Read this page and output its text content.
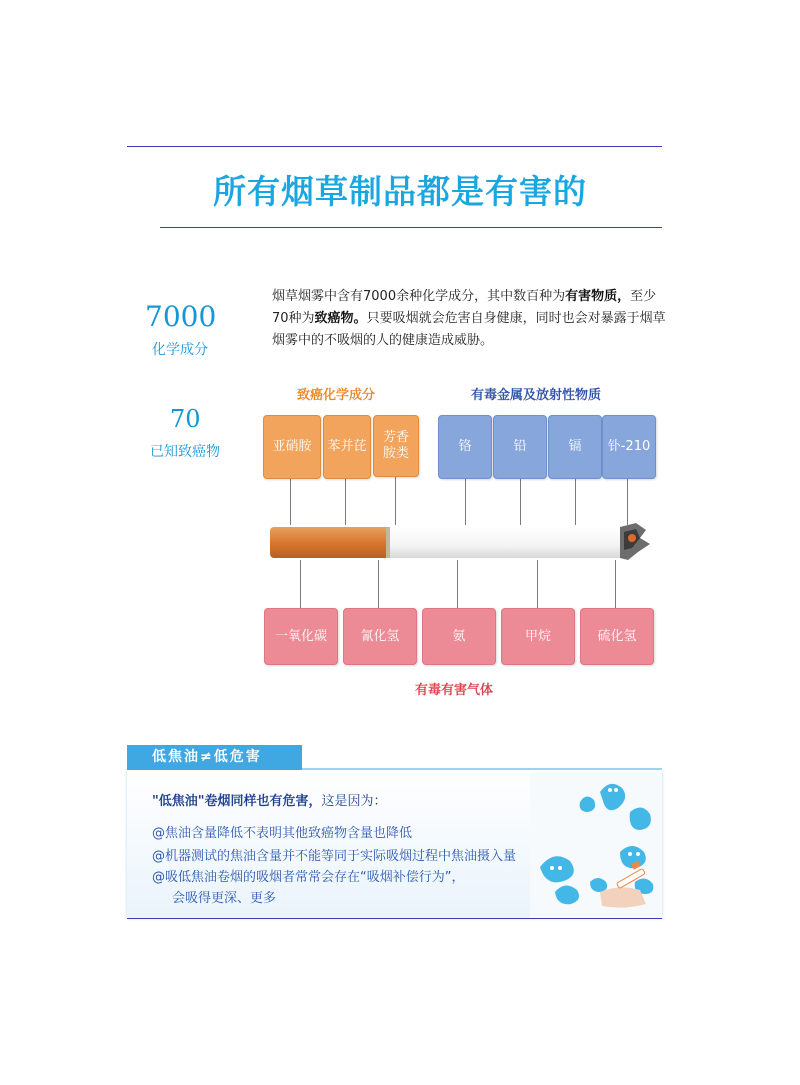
所有烟草制品都是有害的
7000
化学成分
70
已知致癌物
烟草烟雾中含有7000余种化学成分，其中数百种为有害物质，至少70种为致癌物。只要吸烟就会危害自身健康，同时也会对暴露于烟草烟雾中的不吸烟的人的健康造成威胁。
致癌化学成分	有毒金属及放射性物质
亚硝胺	苯并芘
芳香胺类	铬	铅	镉	钋-210
一氧化碳	氰化氢	氨	甲烷	硫化氢
有毒有害气体
低焦油≠低危害
"低焦油"卷烟同样也有危害，这是因为：
@焦油含量降低不表明其他致癌物含量也降低
@机器测试的焦油含量并不能等同于实际吸烟过程中焦油摄入量
@吸低焦油卷烟的吸烟者常常会存在“吸烟补偿行为”，
会吸得更深、更多
